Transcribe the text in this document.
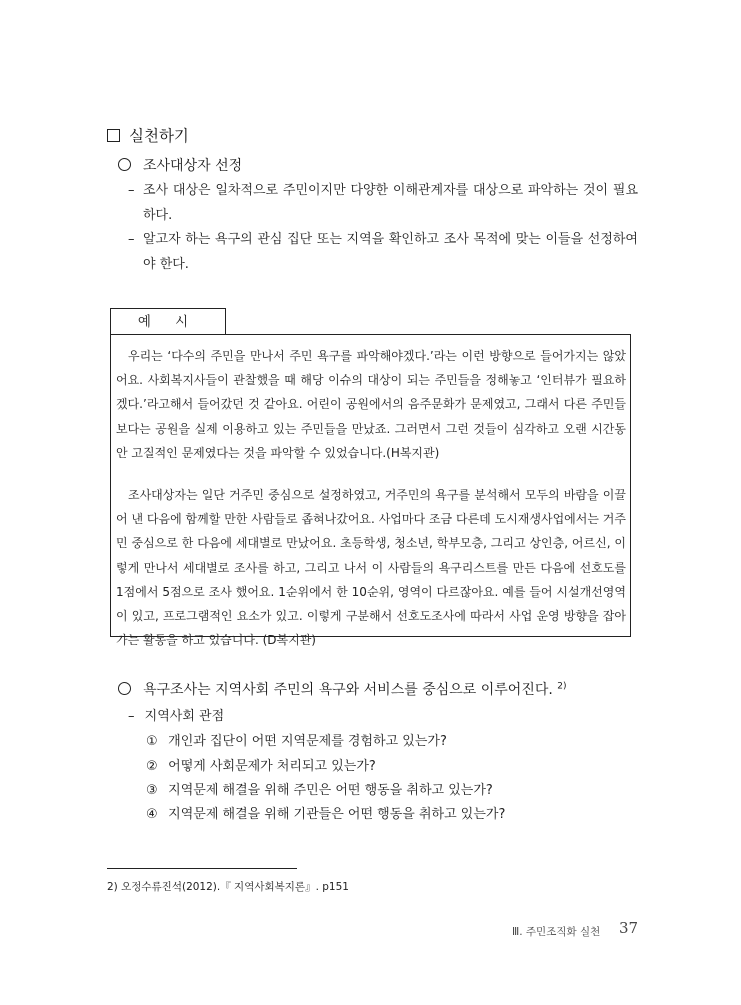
실천하기
조사대상자 선정
– 조사 대상은 일차적으로 주민이지만 다양한 이해관계자를 대상으로 파악하는 것이 필요하다.
– 알고자 하는 욕구의 관심 집단 또는 지역을 확인하고 조사 목적에 맞는 이들을 선정하여야 한다.
예 시

우리는 ‘다수의 주민을 만나서 주민 욕구를 파악해야겠다.’라는 이런 방향으로 들어가지는 않았어요. 사회복지사들이 관찰했을 때 해당 이슈의 대상이 되는 주민들을 정해놓고 ‘인터뷰가 필요하겠다.’라고해서 들어갔던 것 같아요. 어린이 공원에서의 음주문화가 문제였고, 그래서 다른 주민들보다는 공원을 실제 이용하고 있는 주민들을 만났죠. 그러면서 그런 것들이 심각하고 오랜 시간동안 고질적인 문제였다는 것을 파악할 수 있었습니다.(H복지관)

조사대상자는 일단 거주민 중심으로 설정하였고, 거주민의 욕구를 분석해서 모두의 바람을 이끌어 낸 다음에 함께할 만한 사람들로 좁혀나갔어요. 사업마다 조금 다른데 도시재생사업에서는 거주민 중심으로 한 다음에 세대별로 만났어요. 초등학생, 청소년, 학부모층, 그리고 상인층, 어르신, 이렇게 만나서 세대별로 조사를 하고, 그리고 나서 이 사람들의 욕구리스트를 만든 다음에 선호도를 1점에서 5점으로 조사 했어요. 1순위에서 한 10순위, 영역이 다르잖아요. 예를 들어 시설개선영역이 있고, 프로그램적인 요소가 있고. 이렇게 구분해서 선호도조사에 따라서 사업 운영 방향을 잡아가는 활동을 하고 있습니다. (D복지관)

욕구조사는 지역사회 주민의 욕구와 서비스를 중심으로 이루어진다. $^{2)}$
– 지역사회 관점
① 개인과 집단이 어떤 지역문제를 경험하고 있는가?
② 어떻게 사회문제가 처리되고 있는가?
③ 지역문제 해결을 위해 주민은 어떤 행동을 취하고 있는가?
④ 지역문제 해결을 위해 기관들은 어떤 행동을 취하고 있는가?
2) 오정수류진석(2012).『 지역사회복지론』. p151
Ⅲ. 주민조직화 실천 37
